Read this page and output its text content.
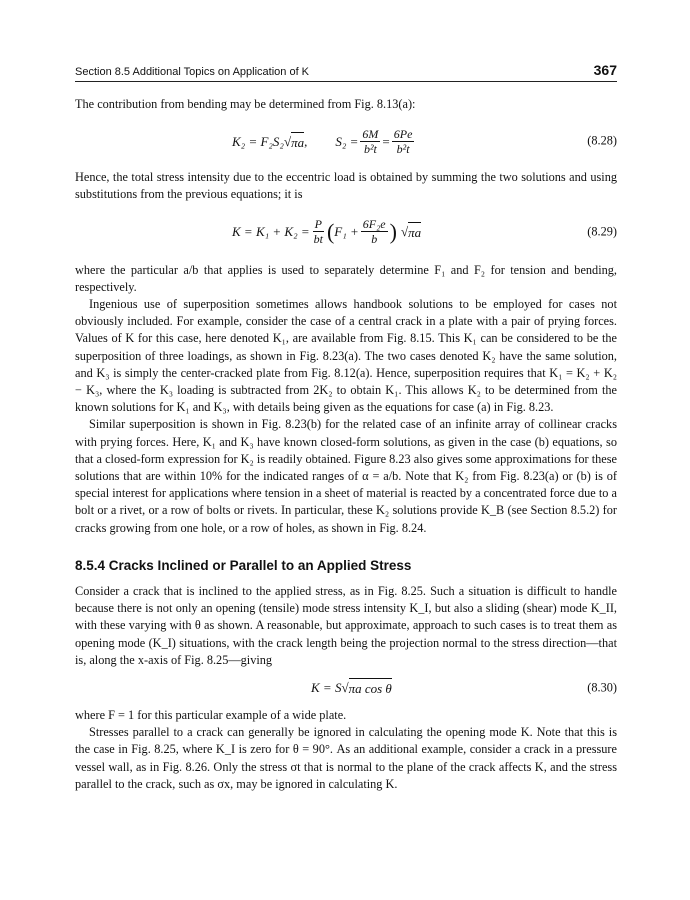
Section 8.5 Additional Topics on Application of K	367

The contribution from bending may be determined from Fig. 8.13(a):

K₂ = F₂S₂ √ πa , $S_2 = \frac{6M}{\text{b²t}} = \frac{6Pe}{\text{b²t}}$	(8.28)

Hence, the total stress intensity due to the eccentric load is obtained by summing the two solutions and using substitutions from the previous equations; it is

$K = K_1 + K_2 = \frac{P}{bt}$ ( $F_1 + \frac{\text{6F₂e}}{b}$ ) √ πa	(8.29)

where the particular a/b that applies is used to separately determine F₁ and F₂ for tension and bending, respectively.

Ingenious use of superposition sometimes allows handbook solutions to be employed for cases not obviously included. For example, consider the case of a central crack in a plate with a pair of prying forces. Values of K for this case, here denoted K₁, are available from Fig. 8.15. This K₁ can be considered to be the superposition of three loadings, as shown in Fig. 8.23(a). The two cases denoted K₂ have the same solution, and K₃ is simply the center-cracked plate from Fig. 8.12(a). Hence, superposition requires that K₁ = K₂ + K₂ − K₃, where the K₃ loading is subtracted from 2K₂ to obtain K₁. This allows K₂ to be determined from the known solutions for K₁ and K₃, with details being given as the equations for case (a) in Fig. 8.23.

Similar superposition is shown in Fig. 8.23(b) for the related case of an infinite array of collinear cracks with prying forces. Here, K₁ and K₃ have known closed-form solutions, as given in the case (b) equations, so that a closed-form expression for K₂ is readily obtained. Figure 8.23 also gives some approximations for these solutions that are within 10% for the indicated ranges of α = a/b. Note that K₂ from Fig. 8.23(a) or (b) is of special interest for applications where tension in a sheet of material is reacted by a concentrated force due to a bolt or a rivet, or a row of bolts or rivets. In particular, these K₂ solutions provide K_B (see Section 8.5.2) for cracks growing from one hole, or a row of holes, as shown in Fig. 8.24.

8.5.4 Cracks Inclined or Parallel to an Applied Stress

Consider a crack that is inclined to the applied stress, as in Fig. 8.25. Such a situation is difficult to handle because there is not only an opening (tensile) mode stress intensity K_I, but also a sliding (shear) mode K_II, with these varying with θ as shown. A reasonable, but approximate, approach to such cases is to treat them as opening mode (K_I) situations, with the crack length being the projection normal to the stress direction—that is, along the x-axis of Fig. 8.25—giving

K = S √ πa cos θ	(8.30)

where F = 1 for this particular example of a wide plate.

Stresses parallel to a crack can generally be ignored in calculating the opening mode K. Note that this is the case in Fig. 8.25, where K_I is zero for θ = 90°. As an additional example, consider a crack in a pressure vessel wall, as in Fig. 8.26. Only the stress σt that is normal to the plane of the crack affects K, and the stress parallel to the crack, such as σx, may be ignored in calculating K.
